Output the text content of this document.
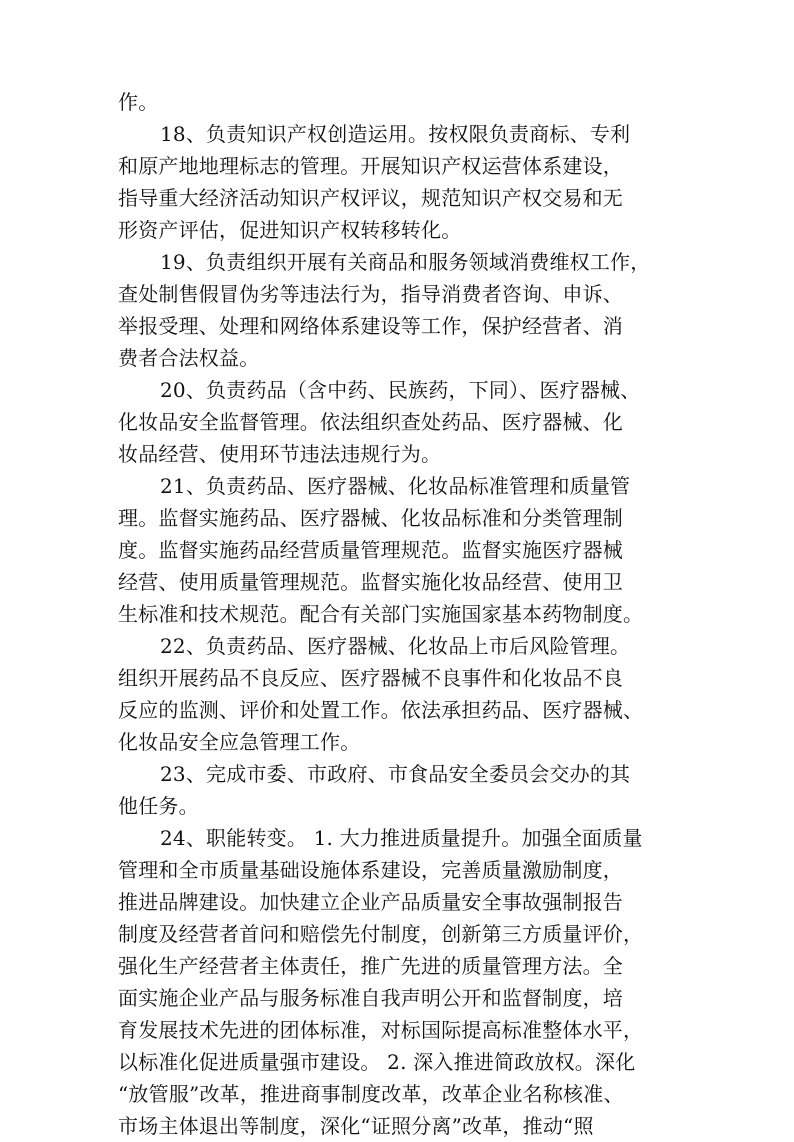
作。
18、负责知识产权创造运用。按权限负责商标、专利
和原产地地理标志的管理。开展知识产权运营体系建设，
指导重大经济活动知识产权评议，规范知识产权交易和无
形资产评估，促进知识产权转移转化。
19、负责组织开展有关商品和服务领域消费维权工作，
查处制售假冒伪劣等违法行为，指导消费者咨询、申诉、
举报受理、处理和网络体系建设等工作，保护经营者、消
费者合法权益。
20、负责药品（含中药、民族药，下同）、医疗器械、
化妆品安全监督管理。依法组织查处药品、医疗器械、化
妆品经营、使用环节违法违规行为。
21、负责药品、医疗器械、化妆品标准管理和质量管
理。监督实施药品、医疗器械、化妆品标准和分类管理制
度。监督实施药品经营质量管理规范。监督实施医疗器械
经营、使用质量管理规范。监督实施化妆品经营、使用卫
生标准和技术规范。配合有关部门实施国家基本药物制度。
22、负责药品、医疗器械、化妆品上市后风险管理。
组织开展药品不良反应、医疗器械不良事件和化妆品不良
反应的监测、评价和处置工作。依法承担药品、医疗器械、
化妆品安全应急管理工作。
23、完成市委、市政府、市食品安全委员会交办的其
他任务。
24、职能转变。 1. 大力推进质量提升。加强全面质量
管理和全市质量基础设施体系建设，完善质量激励制度，
推进品牌建设。加快建立企业产品质量安全事故强制报告
制度及经营者首问和赔偿先付制度，创新第三方质量评价，
强化生产经营者主体责任，推广先进的质量管理方法。全
面实施企业产品与服务标准自我声明公开和监督制度，培
育发展技术先进的团体标准，对标国际提高标准整体水平，
以标准化促进质量强市建设。 2. 深入推进简政放权。深化
“放管服”改革，推进商事制度改革，改革企业名称核准、
市场主体退出等制度，深化“证照分离”改革，推动“照
